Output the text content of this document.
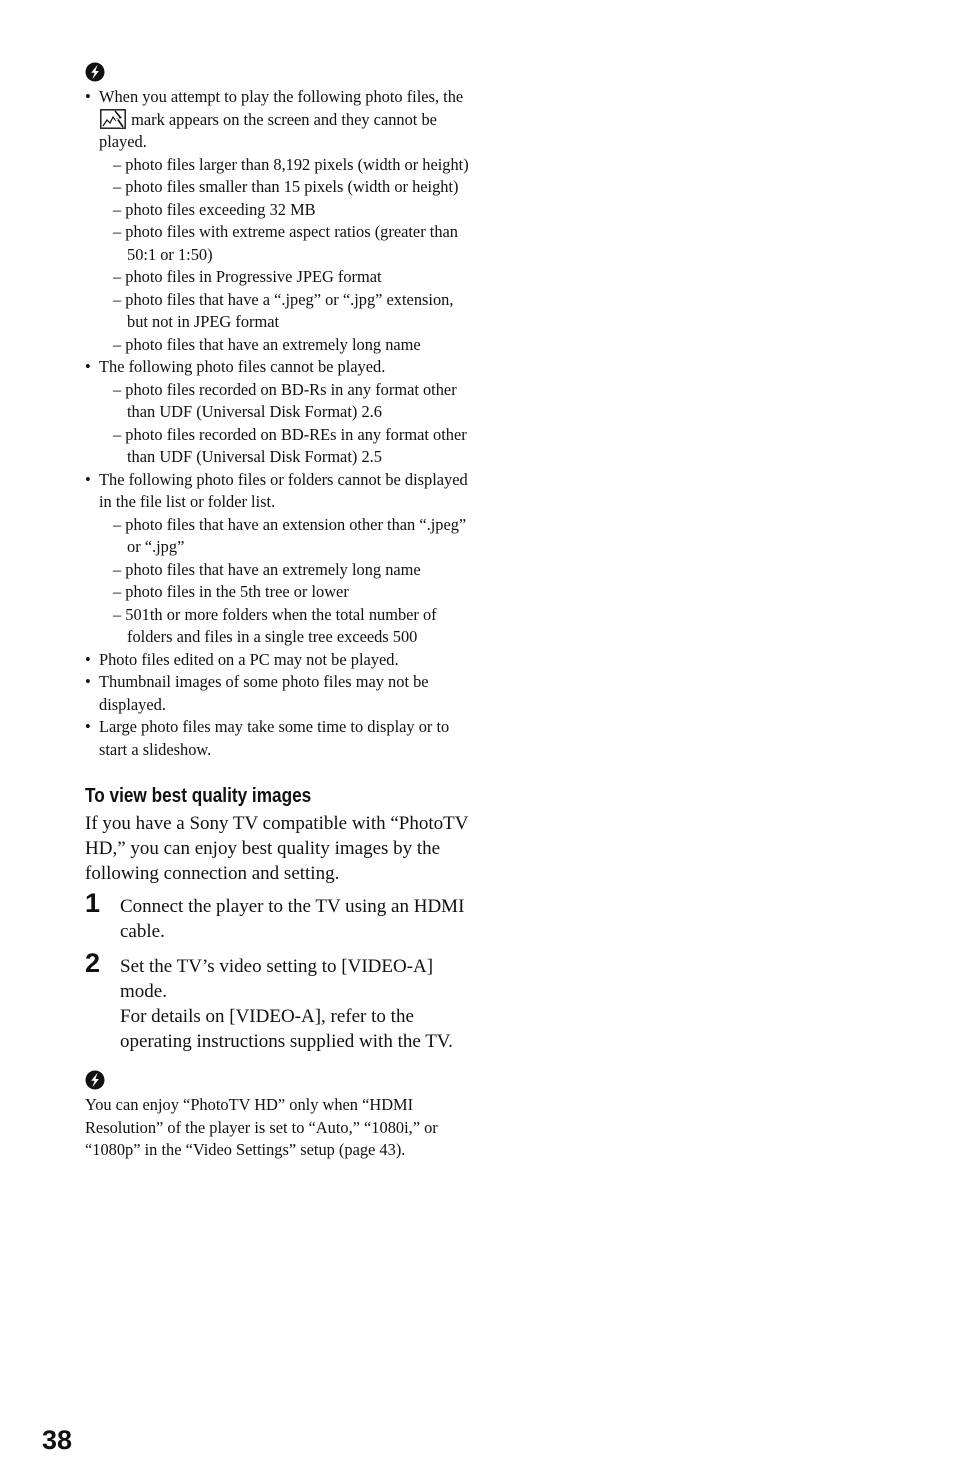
• When you attempt to play the following photo files, the  mark appears on the screen and they cannot be played.
– photo files larger than 8,192 pixels (width or height)
– photo files smaller than 15 pixels (width or height)
– photo files exceeding 32 MB
– photo files with extreme aspect ratios (greater than 50:1 or 1:50)
– photo files in Progressive JPEG format
– photo files that have a “.jpeg” or “.jpg” extension, but not in JPEG format
– photo files that have an extremely long name
• The following photo files cannot be played.
– photo files recorded on BD-Rs in any format other than UDF (Universal Disk Format) 2.6
– photo files recorded on BD-REs in any format other than UDF (Universal Disk Format) 2.5
• The following photo files or folders cannot be displayed in the file list or folder list.
– photo files that have an extension other than “.jpeg” or “.jpg”
– photo files that have an extremely long name
– photo files in the 5th tree or lower
– 501th or more folders when the total number of folders and files in a single tree exceeds 500
• Photo files edited on a PC may not be played.
• Thumbnail images of some photo files may not be displayed.
• Large photo files may take some time to display or to start a slideshow.
To view best quality images

If you have a Sony TV compatible with “PhotoTV HD,” you can enjoy best quality images by the following connection and setting.

1 Connect the player to the TV using an HDMI cable.
2 Set the TV’s video setting to [VIDEO-A] mode.
For details on [VIDEO-A], refer to the operating instructions supplied with the TV.

You can enjoy “PhotoTV HD” only when “HDMI Resolution” of the player is set to “Auto,” “1080i,” or “1080p” in the “Video Settings” setup (page 43).

38
